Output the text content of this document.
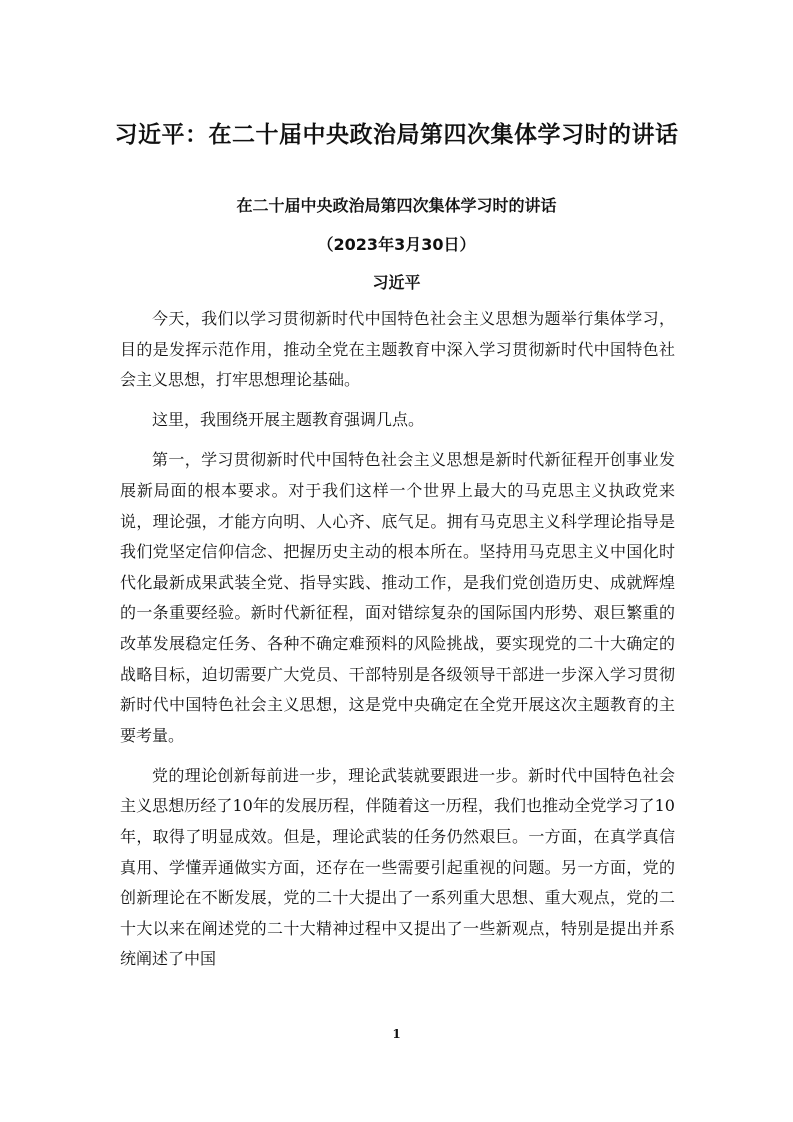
习近平：在二十届中央政治局第四次集体学习时的讲话
在二十届中央政治局第四次集体学习时的讲话
（2023年3月30日）
习近平

今天，我们以学习贯彻新时代中国特色社会主义思想为题举行集体学习，目的是发挥示范作用，推动全党在主题教育中深入学习贯彻新时代中国特色社会主义思想，打牢思想理论基础。

这里，我围绕开展主题教育强调几点。

第一，学习贯彻新时代中国特色社会主义思想是新时代新征程开创事业发展新局面的根本要求。对于我们这样一个世界上最大的马克思主义执政党来说，理论强，才能方向明、人心齐、底气足。拥有马克思主义科学理论指导是我们党坚定信仰信念、把握历史主动的根本所在。坚持用马克思主义中国化时代化最新成果武装全党、指导实践、推动工作，是我们党创造历史、成就辉煌的一条重要经验。新时代新征程，面对错综复杂的国际国内形势、艰巨繁重的改革发展稳定任务、各种不确定难预料的风险挑战，要实现党的二十大确定的战略目标，迫切需要广大党员、干部特别是各级领导干部进一步深入学习贯彻新时代中国特色社会主义思想，这是党中央确定在全党开展这次主题教育的主要考量。

党的理论创新每前进一步，理论武装就要跟进一步。新时代中国特色社会主义思想历经了10年的发展历程，伴随着这一历程，我们也推动全党学习了10年，取得了明显成效。但是，理论武装的任务仍然艰巨。一方面，在真学真信真用、学懂弄通做实方面，还存在一些需要引起重视的问题。另一方面，党的创新理论在不断发展，党的二十大提出了一系列重大思想、重大观点，党的二十大以来在阐述党的二十大精神过程中又提出了一些新观点，特别是提出并系统阐述了中国

1
